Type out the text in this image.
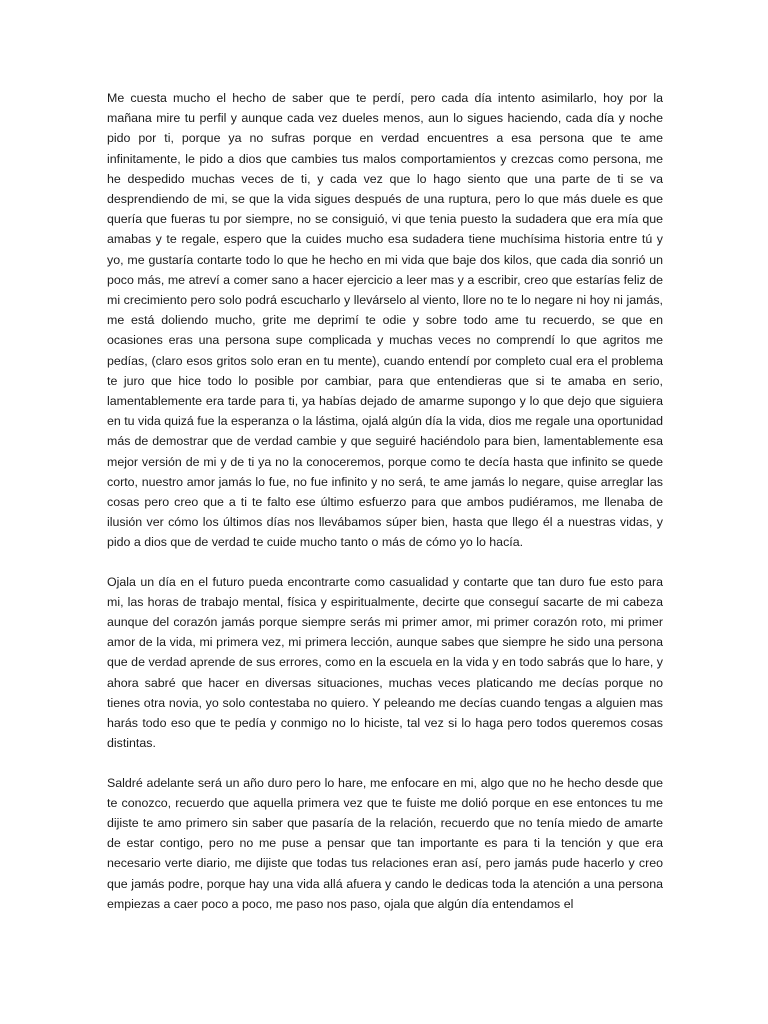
Me cuesta mucho el hecho de saber que te perdí, pero cada día intento asimilarlo, hoy por la mañana mire tu perfil y aunque cada vez dueles menos, aun lo sigues haciendo, cada día y noche pido por ti, porque ya no sufras porque en verdad encuentres a esa persona que te ame infinitamente, le pido a dios que cambies tus malos comportamientos y crezcas como persona, me he despedido muchas veces de ti, y cada vez que lo hago siento que una parte de ti se va desprendiendo de mi, se que la vida sigues después de una ruptura, pero lo que más duele es que quería que fueras tu por siempre, no se consiguió, vi que tenia puesto la sudadera que era mía que amabas y te regale, espero que la cuides mucho esa sudadera tiene muchísima historia entre tú y yo, me gustaría contarte todo lo que he hecho en mi vida que baje dos kilos, que cada dia sonrió un poco más, me atreví a comer sano a hacer ejercicio a leer mas y a escribir, creo que estarías feliz de mi crecimiento pero solo podrá escucharlo y llevárselo al viento, llore no te lo negare ni hoy ni jamás, me está doliendo mucho, grite me deprimí te odie y sobre todo ame tu recuerdo, se que en ocasiones eras una persona supe complicada y muchas veces no comprendí lo que agritos me pedías, (claro esos gritos solo eran en tu mente), cuando entendí por completo cual era el problema te juro que hice todo lo posible por cambiar, para que entendieras que si te amaba en serio, lamentablemente era tarde para ti, ya habías dejado de amarme supongo y lo que dejo que siguiera en tu vida quizá fue la esperanza o la lástima, ojalá algún día la vida, dios me regale una oportunidad más de demostrar que de verdad cambie y que seguiré haciéndolo para bien, lamentablemente esa mejor versión de mi y de ti ya no la conoceremos, porque como te decía hasta que infinito se quede corto, nuestro amor jamás lo fue, no fue infinito y no será, te ame jamás lo negare, quise arreglar las cosas pero creo que a ti te falto ese último esfuerzo para que ambos pudiéramos, me llenaba de ilusión ver cómo los últimos días nos llevábamos súper bien, hasta que llego él a nuestras vidas, y pido a dios que de verdad te cuide mucho tanto o más de cómo yo lo hacía.

Ojala un día en el futuro pueda encontrarte como casualidad y contarte que tan duro fue esto para mi, las horas de trabajo mental, física y espiritualmente, decirte que conseguí sacarte de mi cabeza aunque del corazón jamás porque siempre serás mi primer amor, mi primer corazón roto, mi primer amor de la vida, mi primera vez, mi primera lección, aunque sabes que siempre he sido una persona que de verdad aprende de sus errores, como en la escuela en la vida y en todo sabrás que lo hare, y ahora sabré que hacer en diversas situaciones, muchas veces platicando me decías porque no tienes otra novia, yo solo contestaba no quiero. Y peleando me decías cuando tengas a alguien mas harás todo eso que te pedía y conmigo no lo hiciste, tal vez si lo haga pero todos queremos cosas distintas.

Saldré adelante será un año duro pero lo hare, me enfocare en mi, algo que no he hecho desde que te conozco, recuerdo que aquella primera vez que te fuiste me dolió porque en ese entonces tu me dijiste te amo primero sin saber que pasaría de la relación, recuerdo que no tenía miedo de amarte de estar contigo, pero no me puse a pensar que tan importante es para ti la tención y que era necesario verte diario, me dijiste que todas tus relaciones eran así, pero jamás pude hacerlo y creo que jamás podre, porque hay una vida allá afuera y cando le dedicas toda la atención a una persona empiezas a caer poco a poco, me paso nos paso, ojala que algún día entendamos el
